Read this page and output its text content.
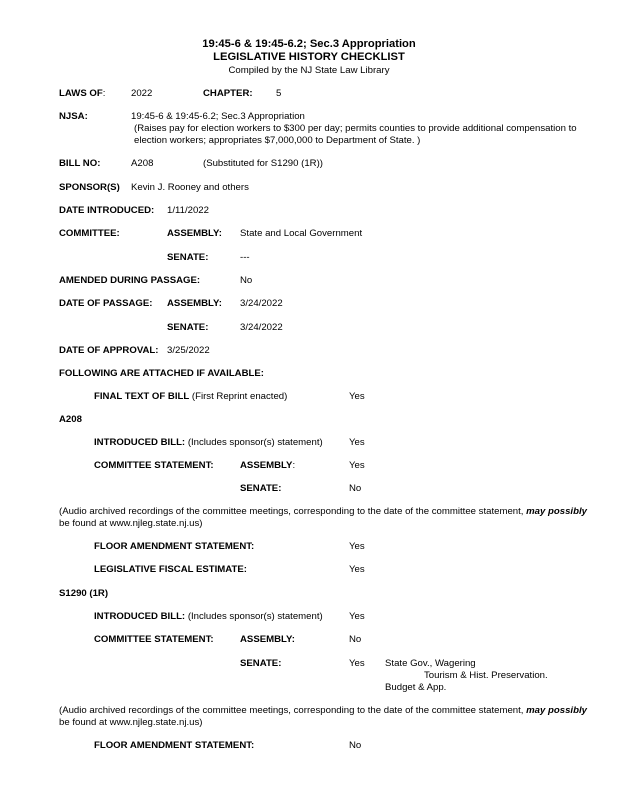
19:45-6 & 19:45-6.2; Sec.3 Appropriation
LEGISLATIVE HISTORY CHECKLIST
Compiled by the NJ State Law Library
LAWS OF:	2022	CHAPTER: 5
NJSA:	19:45-6 & 19:45-6.2; Sec.3 Appropriation
(Raises pay for election workers to $300 per day; permits counties to provide additional compensation to
election workers; appropriates $7,000,000 to Department of State. )
BILL NO:	A208	(Substituted for S1290 (1R))
SPONSOR(S) Kevin J. Rooney and others
DATE INTRODUCED: 1/11/2022
COMMITTEE:	ASSEMBLY: State and Local Government
SENATE:	---
AMENDED DURING PASSAGE:	No
DATE OF PASSAGE: ASSEMBLY: 3/24/2022
SENATE:	3/24/2022
DATE OF APPROVAL: 3/25/2022
FOLLOWING ARE ATTACHED IF AVAILABLE:
FINAL TEXT OF BILL (First Reprint enacted)	Yes
A208
INTRODUCED BILL: (Includes sponsor(s) statement)	Yes
COMMITTEE STATEMENT:	ASSEMBLY:	Yes
SENATE:	No
(Audio archived recordings of the committee meetings, corresponding to the date of the committee statement, may possibly
be found at www.njleg.state.nj.us)
FLOOR AMENDMENT STATEMENT:	Yes
LEGISLATIVE FISCAL ESTIMATE:	Yes
S1290 (1R)
INTRODUCED BILL: (Includes sponsor(s) statement)	Yes
COMMITTEE STATEMENT:	ASSEMBLY:	No
SENATE:	Yes State Gov., Wagering
Tourism & Hist. Preservation.
Budget & App.
(Audio archived recordings of the committee meetings, corresponding to the date of the committee statement, may possibly
be found at www.njleg.state.nj.us)
FLOOR AMENDMENT STATEMENT:	No
